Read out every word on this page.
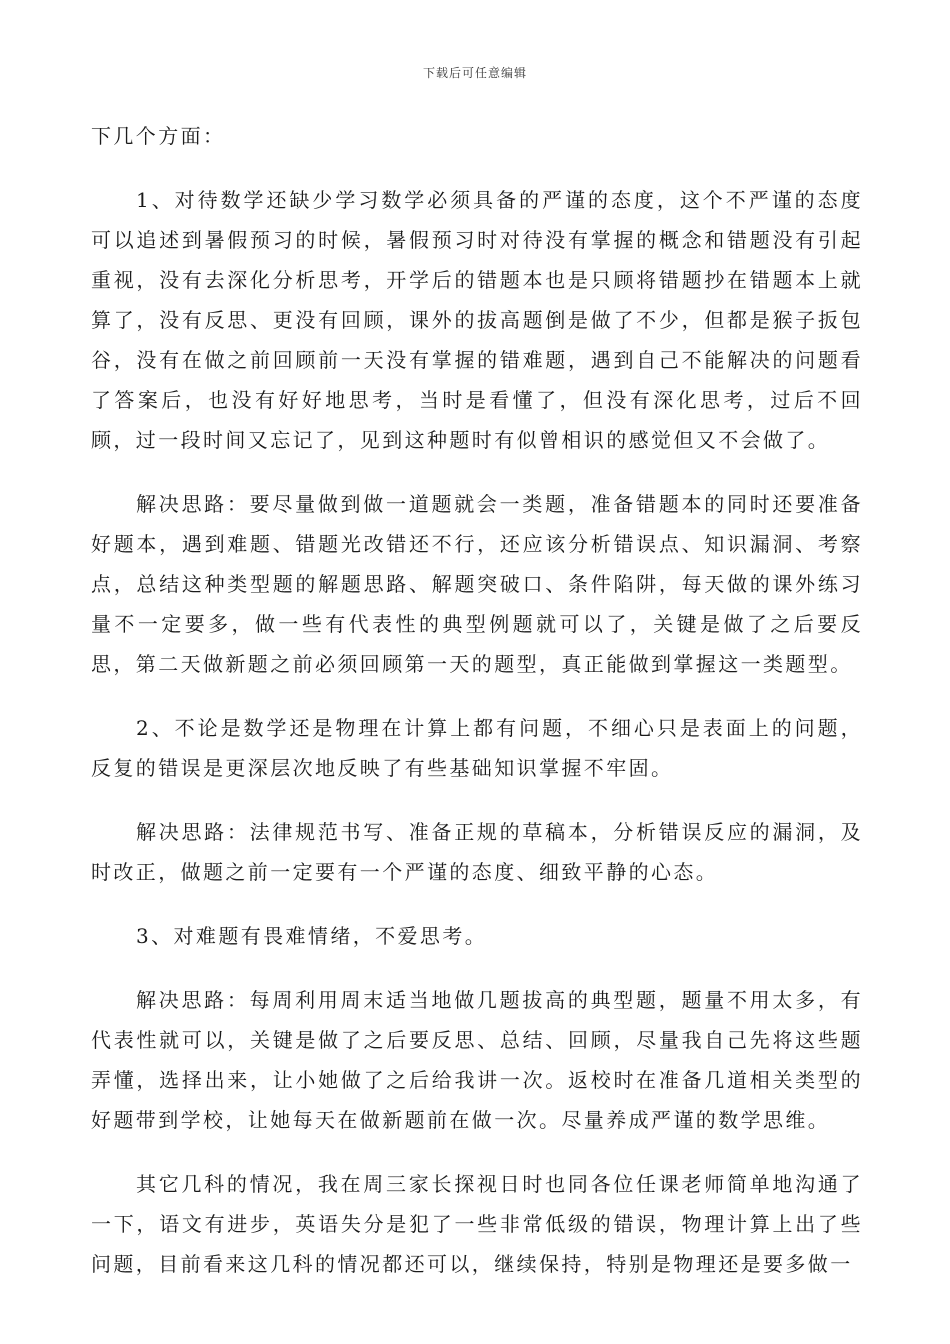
下载后可任意编辑

下几个方面：

1、对待数学还缺少学习数学必须具备的严谨的态度，这个不严谨的态度可以追述到暑假预习的时候，暑假预习时对待没有掌握的概念和错题没有引起重视，没有去深化分析思考，开学后的错题本也是只顾将错题抄在错题本上就算了，没有反思、更没有回顾，课外的拔高题倒是做了不少，但都是猴子扳包谷，没有在做之前回顾前一天没有掌握的错难题，遇到自己不能解决的问题看了答案后，也没有好好地思考，当时是看懂了，但没有深化思考，过后不回顾，过一段时间又忘记了，见到这种题时有似曾相识的感觉但又不会做了。

解决思路：要尽量做到做一道题就会一类题，准备错题本的同时还要准备好题本，遇到难题、错题光改错还不行，还应该分析错误点、知识漏洞、考察点，总结这种类型题的解题思路、解题突破口、条件陷阱，每天做的课外练习量不一定要多，做一些有代表性的典型例题就可以了，关键是做了之后要反思，第二天做新题之前必须回顾第一天的题型，真正能做到掌握这一类题型。

2、不论是数学还是物理在计算上都有问题，不细心只是表面上的问题，反复的错误是更深层次地反映了有些基础知识掌握不牢固。

解决思路：法律规范书写、准备正规的草稿本，分析错误反应的漏洞，及时改正，做题之前一定要有一个严谨的态度、细致平静的心态。

3、对难题有畏难情绪，不爱思考。

解决思路：每周利用周末适当地做几题拔高的典型题，题量不用太多，有代表性就可以，关键是做了之后要反思、总结、回顾，尽量我自己先将这些题弄懂，选择出来，让小她做了之后给我讲一次。返校时在准备几道相关类型的好题带到学校，让她每天在做新题前在做一次。尽量养成严谨的数学思维。

其它几科的情况，我在周三家长探视日时也同各位任课老师简单地沟通了一下，语文有进步，英语失分是犯了一些非常低级的错误，物理计算上出了些问题，目前看来这几科的情况都还可以，继续保持，特别是物理还是要多做一
